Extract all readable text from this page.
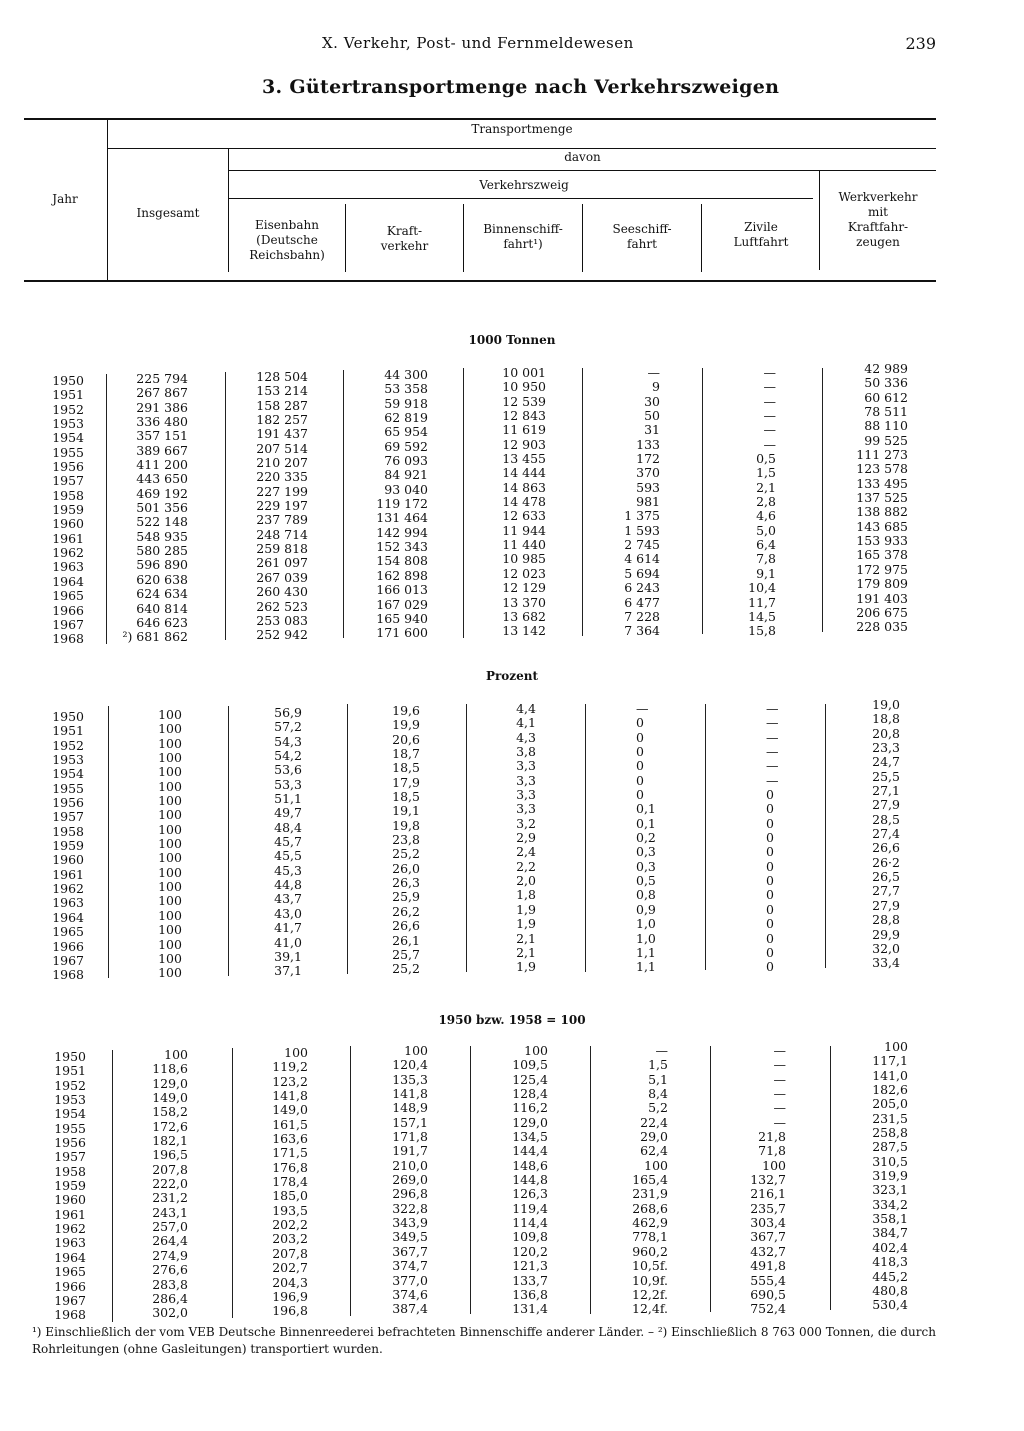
X. Verkehr, Post- und Fernmeldewesen	239
3. Gütertransportmenge nach Verkehrszweigen
Jahr
Insgesamt
Transportmenge
davon
Verkehrszweig
Eisenbahn
(Deutsche
Reichsbahn)
Kraft-
verkehr
Binnenschiff-
fahrt¹)
Seeschiff-
fahrt
Zivile
Luftfahrt
Werkverkehr
mit
Kraftfahr-
zeugen
1000 Tonnen
1950
1951
1952
1953
1954
1955
1956
1957
1958
1959
1960
1961
1962
1963
1964
1965
1966
1967
1968
225 794
267 867
291 386
336 480
357 151
389 667
411 200
443 650
469 192
501 356
522 148
548 935
580 285
596 890
620 638
624 634
640 814
646 623
²) 681 862
128 504
153 214
158 287
182 257
191 437
207 514
210 207
220 335
227 199
229 197
237 789
248 714
259 818
261 097
267 039
260 430
262 523
253 083
252 942
44 300
53 358
59 918
62 819
65 954
69 592
76 093
84 921
93 040
119 172
131 464
142 994
152 343
154 808
162 898
166 013
167 029
165 940
171 600
10 001
10 950
12 539
12 843
11 619
12 903
13 455
14 444
14 863
14 478
12 633
11 944
11 440
10 985
12 023
12 129
13 370
13 682
13 142
—
9
30
50
31
133
172
370
593
981
1 375
1 593
2 745
4 614
5 694
6 243
6 477
7 228
7 364
—
—
—
—
—
—
0,5
1,5
2,1
2,8
4,6
5,0
6,4
7,8
9,1
10,4
11,7
14,5
15,8
42 989
50 336
60 612
78 511
88 110
99 525
111 273
123 578
133 495
137 525
138 882
143 685
153 933
165 378
172 975
179 809
191 403
206 675
228 035
Prozent
1950
1951
1952
1953
1954
1955
1956
1957
1958
1959
1960
1961
1962
1963
1964
1965
1966
1967
1968
100
100
100
100
100
100
100
100
100
100
100
100
100
100
100
100
100
100
100
56,9
57,2
54,3
54,2
53,6
53,3
51,1
49,7
48,4
45,7
45,5
45,3
44,8
43,7
43,0
41,7
41,0
39,1
37,1
19,6
19,9
20,6
18,7
18,5
17,9
18,5
19,1
19,8
23,8
25,2
26,0
26,3
25,9
26,2
26,6
26,1
25,7
25,2
4,4
4,1
4,3
3,8
3,3
3,3
3,3
3,3
3,2
2,9
2,4
2,2
2,0
1,8
1,9
1,9
2,1
2,1
1,9
—
0
0
0
0
0
0
0,1
0,1
0,2
0,3
0,3
0,5
0,8
0,9
1,0
1,0
1,1
1,1
—
—
—
—
—
—
0
0
0
0
0
0
0
0
0
0
0
0
0
19,0
18,8
20,8
23,3
24,7
25,5
27,1
27,9
28,5
27,4
26,6
26·2
26,5
27,7
27,9
28,8
29,9
32,0
33,4
1950 bzw. 1958 = 100
1950
1951
1952
1953
1954
1955
1956
1957
1958
1959
1960
1961
1962
1963
1964
1965
1966
1967
1968
100
118,6
129,0
149,0
158,2
172,6
182,1
196,5
207,8
222,0
231,2
243,1
257,0
264,4
274,9
276,6
283,8
286,4
302,0
100
119,2
123,2
141,8
149,0
161,5
163,6
171,5
176,8
178,4
185,0
193,5
202,2
203,2
207,8
202,7
204,3
196,9
196,8
100
120,4
135,3
141,8
148,9
157,1
171,8
191,7
210,0
269,0
296,8
322,8
343,9
349,5
367,7
374,7
377,0
374,6
387,4
100
109,5
125,4
128,4
116,2
129,0
134,5
144,4
148,6
144,8
126,3
119,4
114,4
109,8
120,2
121,3
133,7
136,8
131,4
—
1,5
5,1
8,4
5,2
22,4
29,0
62,4
100
165,4
231,9
268,6
462,9
778,1
960,2
10,5f.
10,9f.
12,2f.
12,4f.
—
—
—
—
—
—
21,8
71,8
100
132,7
216,1
235,7
303,4
367,7
432,7
491,8
555,4
690,5
752,4
100
117,1
141,0
182,6
205,0
231,5
258,8
287,5
310,5
319,9
323,1
334,2
358,1
384,7
402,4
418,3
445,2
480,8
530,4
¹) Einschließlich der vom VEB Deutsche Binnenreederei befrachteten Binnenschiffe anderer Länder. – ²) Einschließlich 8 763 000 Tonnen, die durch Rohrleitungen (ohne Gasleitungen) transportiert wurden.
